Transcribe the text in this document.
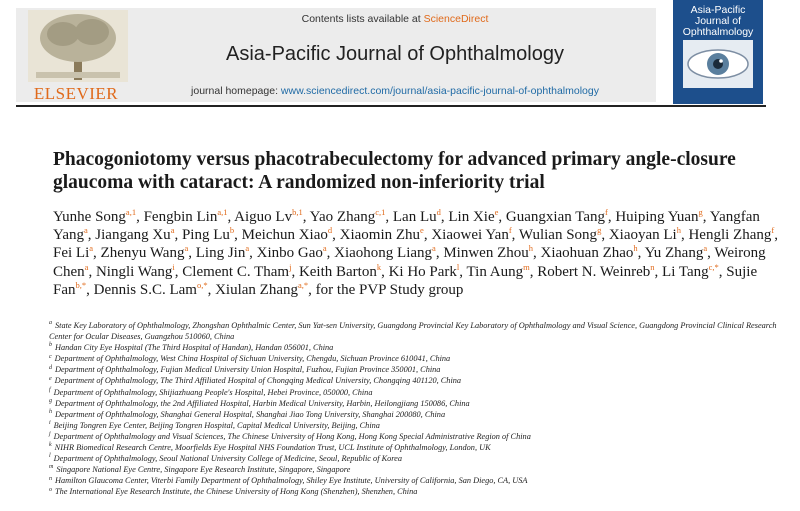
ELSEVIER
Contents lists available at ScienceDirect
Asia-Pacific Journal of Ophthalmology
journal homepage: www.sciencedirect.com/journal/asia-pacific-journal-of-ophthalmology
Asia-Pacific Journal of Ophthalmology
Phacogoniotomy versus phacotrabeculectomy for advanced primary angle-closure glaucoma with cataract: A randomized non-inferiority trial

Yunhe Song$^{a,1}$, Fengbin Lin$^{a,1}$, Aiguo Lv$^{b,1}$, Yao Zhang$^{c,1}$, Lan Lu$^d$, Lin Xie$^e$, Guangxian Tang$^f$, Huiping Yuan$^g$, Yangfan Yang$^a$, Jiangang Xu$^a$, Ping Lu$^b$, Meichun Xiao$^d$, Xiaomin Zhu$^e$, Xiaowei Yan$^f$, Wulian Song$^g$, Xiaoyan Li$^h$, Hengli Zhang$^f$, Fei Li$^a$, Zhenyu Wang$^a$, Ling Jin$^a$, Xinbo Gao$^a$, Xiaohong Liang$^a$, Minwen Zhou$^h$, Xiaohuan Zhao$^h$, Yu Zhang$^a$, Weirong Chen$^a$, Ningli Wang$^i$, Clement C. Tham$^j$, Keith Barton$^k$, Ki Ho Park$^l$, Tin Aung$^m$, Robert N. Weinreb$^n$, Li Tang$^{c,*}$, Sujie Fan$^{b,*}$, Dennis S.C. Lam$^{o,*}$, Xiulan Zhang$^{a,*}$, for the PVP Study group

$^a$ State Key Laboratory of Ophthalmology, Zhongshan Ophthalmic Center, Sun Yat-sen University, Guangdong Provincial Key Laboratory of Ophthalmology and Visual Science, Guangdong Provincial Clinical Research Center for Ocular Diseases, Guangzhou 510060, China
$^b$ Handan City Eye Hospital (The Third Hospital of Handan), Handan 056001, China
$^c$ Department of Ophthalmology, West China Hospital of Sichuan University, Chengdu, Sichuan Province 610041, China
$^d$ Department of Ophthalmology, Fujian Medical University Union Hospital, Fuzhou, Fujian Province 350001, China
$^e$ Department of Ophthalmology, The Third Affiliated Hospital of Chongqing Medical University, Chongqing 401120, China
$^f$ Department of Ophthalmology, Shijiazhuang People's Hospital, Hebei Province, 050000, China
$^g$ Department of Ophthalmology, the 2nd Affiliated Hospital, Harbin Medical University, Harbin, Heilongjiang 150086, China
$^h$ Department of Ophthalmology, Shanghai General Hospital, Shanghai Jiao Tong University, Shanghai 200080, China
$^i$ Beijing Tongren Eye Center, Beijing Tongren Hospital, Capital Medical University, Beijing, China
$^j$ Department of Ophthalmology and Visual Sciences, The Chinese University of Hong Kong, Hong Kong Special Administrative Region of China
$^k$ NIHR Biomedical Research Centre, Moorfields Eye Hospital NHS Foundation Trust, UCL Institute of Ophthalmology, London, UK
$^l$ Department of Ophthalmology, Seoul National University College of Medicine, Seoul, Republic of Korea
$^m$ Singapore National Eye Centre, Singapore Eye Research Institute, Singapore, Singapore
$^n$ Hamilton Glaucoma Center, Viterbi Family Department of Ophthalmology, Shiley Eye Institute, University of California, San Diego, CA, USA
$^o$ The International Eye Research Institute, the Chinese University of Hong Kong (Shenzhen), Shenzhen, China
